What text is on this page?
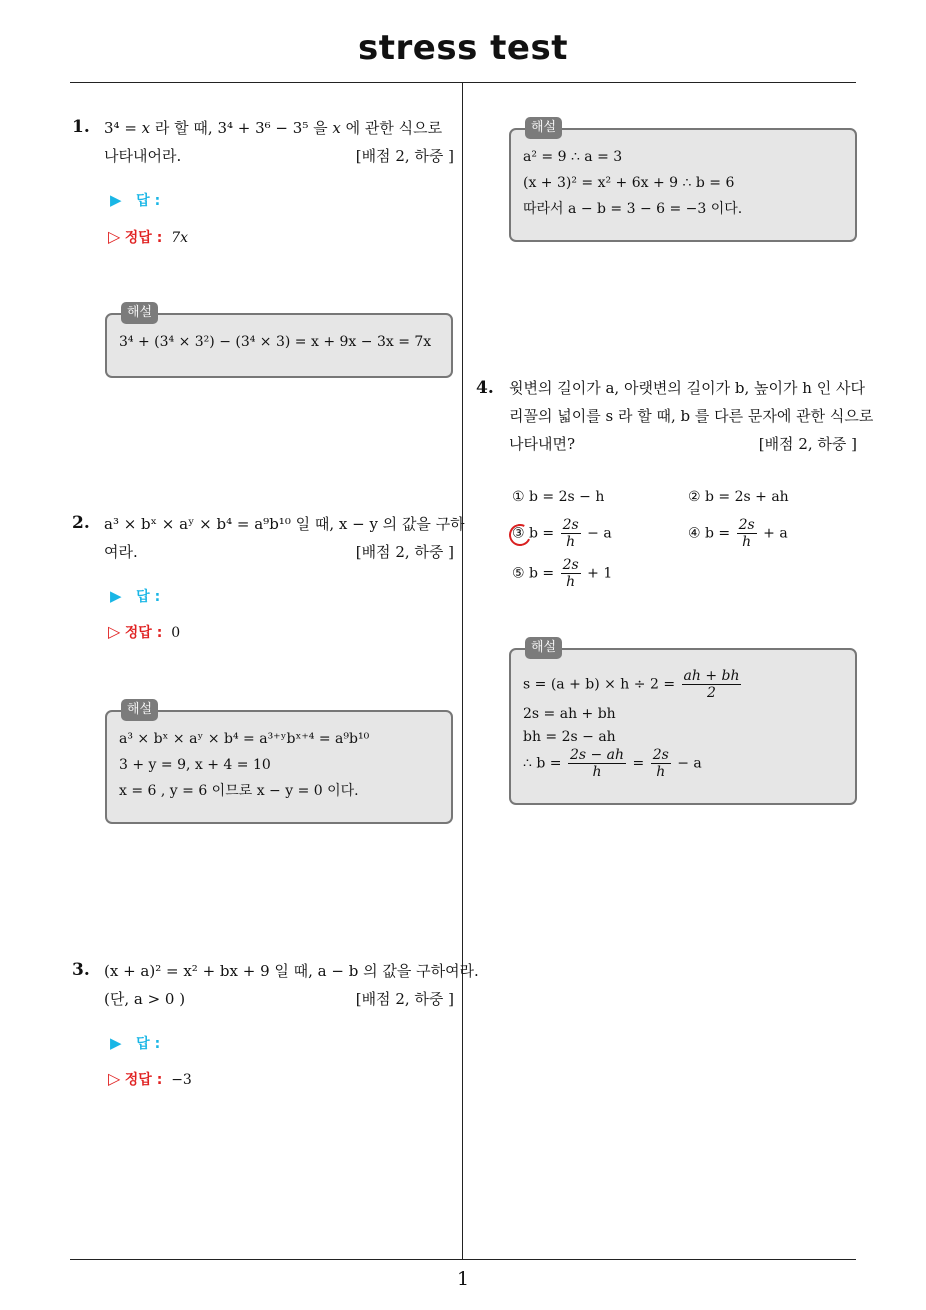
stress test
1
1. 3⁴ = x 라 할 때, 3⁴ + 3⁶ − 3⁵ 을 x 에 관한 식으로
나타내어라.	[배점 2, 하중 ]
▶ 답 :
▷ 정답 : 7x
해설
3⁴ + (3⁴ × 3²) − (3⁴ × 3) = x + 9x − 3x = 7x
2. a³ × bˣ × aʸ × b⁴ = a⁹b¹⁰ 일 때, x − y 의 값을 구하
여라.	[배점 2, 하중 ]
▶ 답 :
▷ 정답 : 0
해설
a³ × bˣ × aʸ × b⁴ = a³⁺ʸbˣ⁺⁴ = a⁹b¹⁰
3 + y = 9, x + 4 = 10
x = 6 , y = 6 이므로 x − y = 0 이다.
3. (x + a)² = x² + bx + 9 일 때, a − b 의 값을 구하여라.
(단, a > 0 )	[배점 2, 하중 ]
▶ 답 :
▷ 정답 : −3
해설
a² = 9 ∴ a = 3
(x + 3)² = x² + 6x + 9 ∴ b = 6
따라서 a − b = 3 − 6 = −3 이다.
4. 윗변의 길이가 a, 아랫변의 길이가 b, 높이가 h 인 사다
리꼴의 넓이를 s 라 할 때, b 를 다른 문자에 관한 식으로
나타내면?	[배점 2, 하중 ]
① b = 2s − h	② b = 2s + ah
③ $b = \frac{2s}{h} - a$	④ $b = \frac{2s}{h} + a$
⑤ $b = \frac{2s}{h} + 1$
해설
$s = (a + b) \times h \div 2 = \frac{ah + bh}{2}$
2s = ah + bh
bh = 2s − ah
∴ $b = \frac{2s - ah}{h} = \frac{2s}{h} - a$
